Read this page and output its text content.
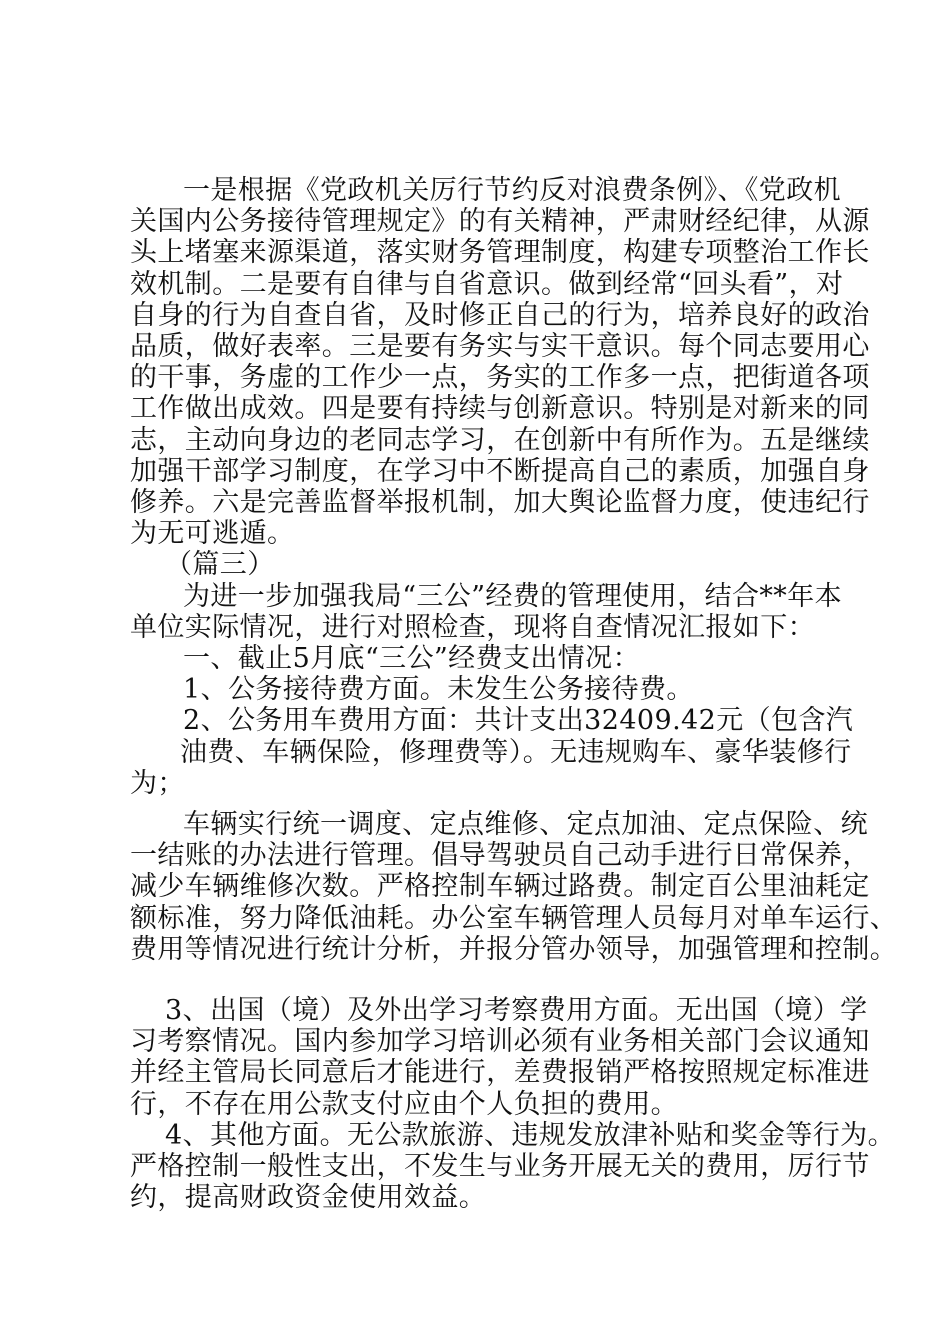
一是根据《党政机关厉行节约反对浪费条例》、《党政机
关国内公务接待管理规定》的有关精神，严肃财经纪律，从源
头上堵塞来源渠道，落实财务管理制度，构建专项整治工作长
效机制。二是要有自律与自省意识。做到经常“回头看”，对
自身的行为自查自省，及时修正自己的行为，培养良好的政治
品质，做好表率。三是要有务实与实干意识。每个同志要用心
的干事，务虚的工作少一点，务实的工作多一点，把街道各项
工作做出成效。四是要有持续与创新意识。特别是对新来的同
志，主动向身边的老同志学习，在创新中有所作为。五是继续
加强干部学习制度，在学习中不断提高自己的素质，加强自身
修养。六是完善监督举报机制，加大舆论监督力度，使违纪行
为无可逃遁。
（篇三）
为进一步加强我局“三公”经费的管理使用，结合**年本
单位实际情况，进行对照检查，现将自查情况汇报如下：
一、截止5月底“三公”经费支出情况：
1、公务接待费方面。未发生公务接待费。
2、公务用车费用方面：共计支出32409.42元（包含汽
油费、车辆保险，修理费等）。无违规购车、豪华装修行
为；
车辆实行统一调度、定点维修、定点加油、定点保险、统
一结账的办法进行管理。倡导驾驶员自己动手进行日常保养，
减少车辆维修次数。严格控制车辆过路费。制定百公里油耗定
额标准，努力降低油耗。办公室车辆管理人员每月对单车运行、
费用等情况进行统计分析，并报分管办领导，加强管理和控制。
3、出国（境）及外出学习考察费用方面。无出国（境）学
习考察情况。国内参加学习培训必须有业务相关部门会议通知
并经主管局长同意后才能进行，差费报销严格按照规定标准进
行，不存在用公款支付应由个人负担的费用。
4、其他方面。无公款旅游、违规发放津补贴和奖金等行为。
严格控制一般性支出，不发生与业务开展无关的费用，厉行节
约，提高财政资金使用效益。
